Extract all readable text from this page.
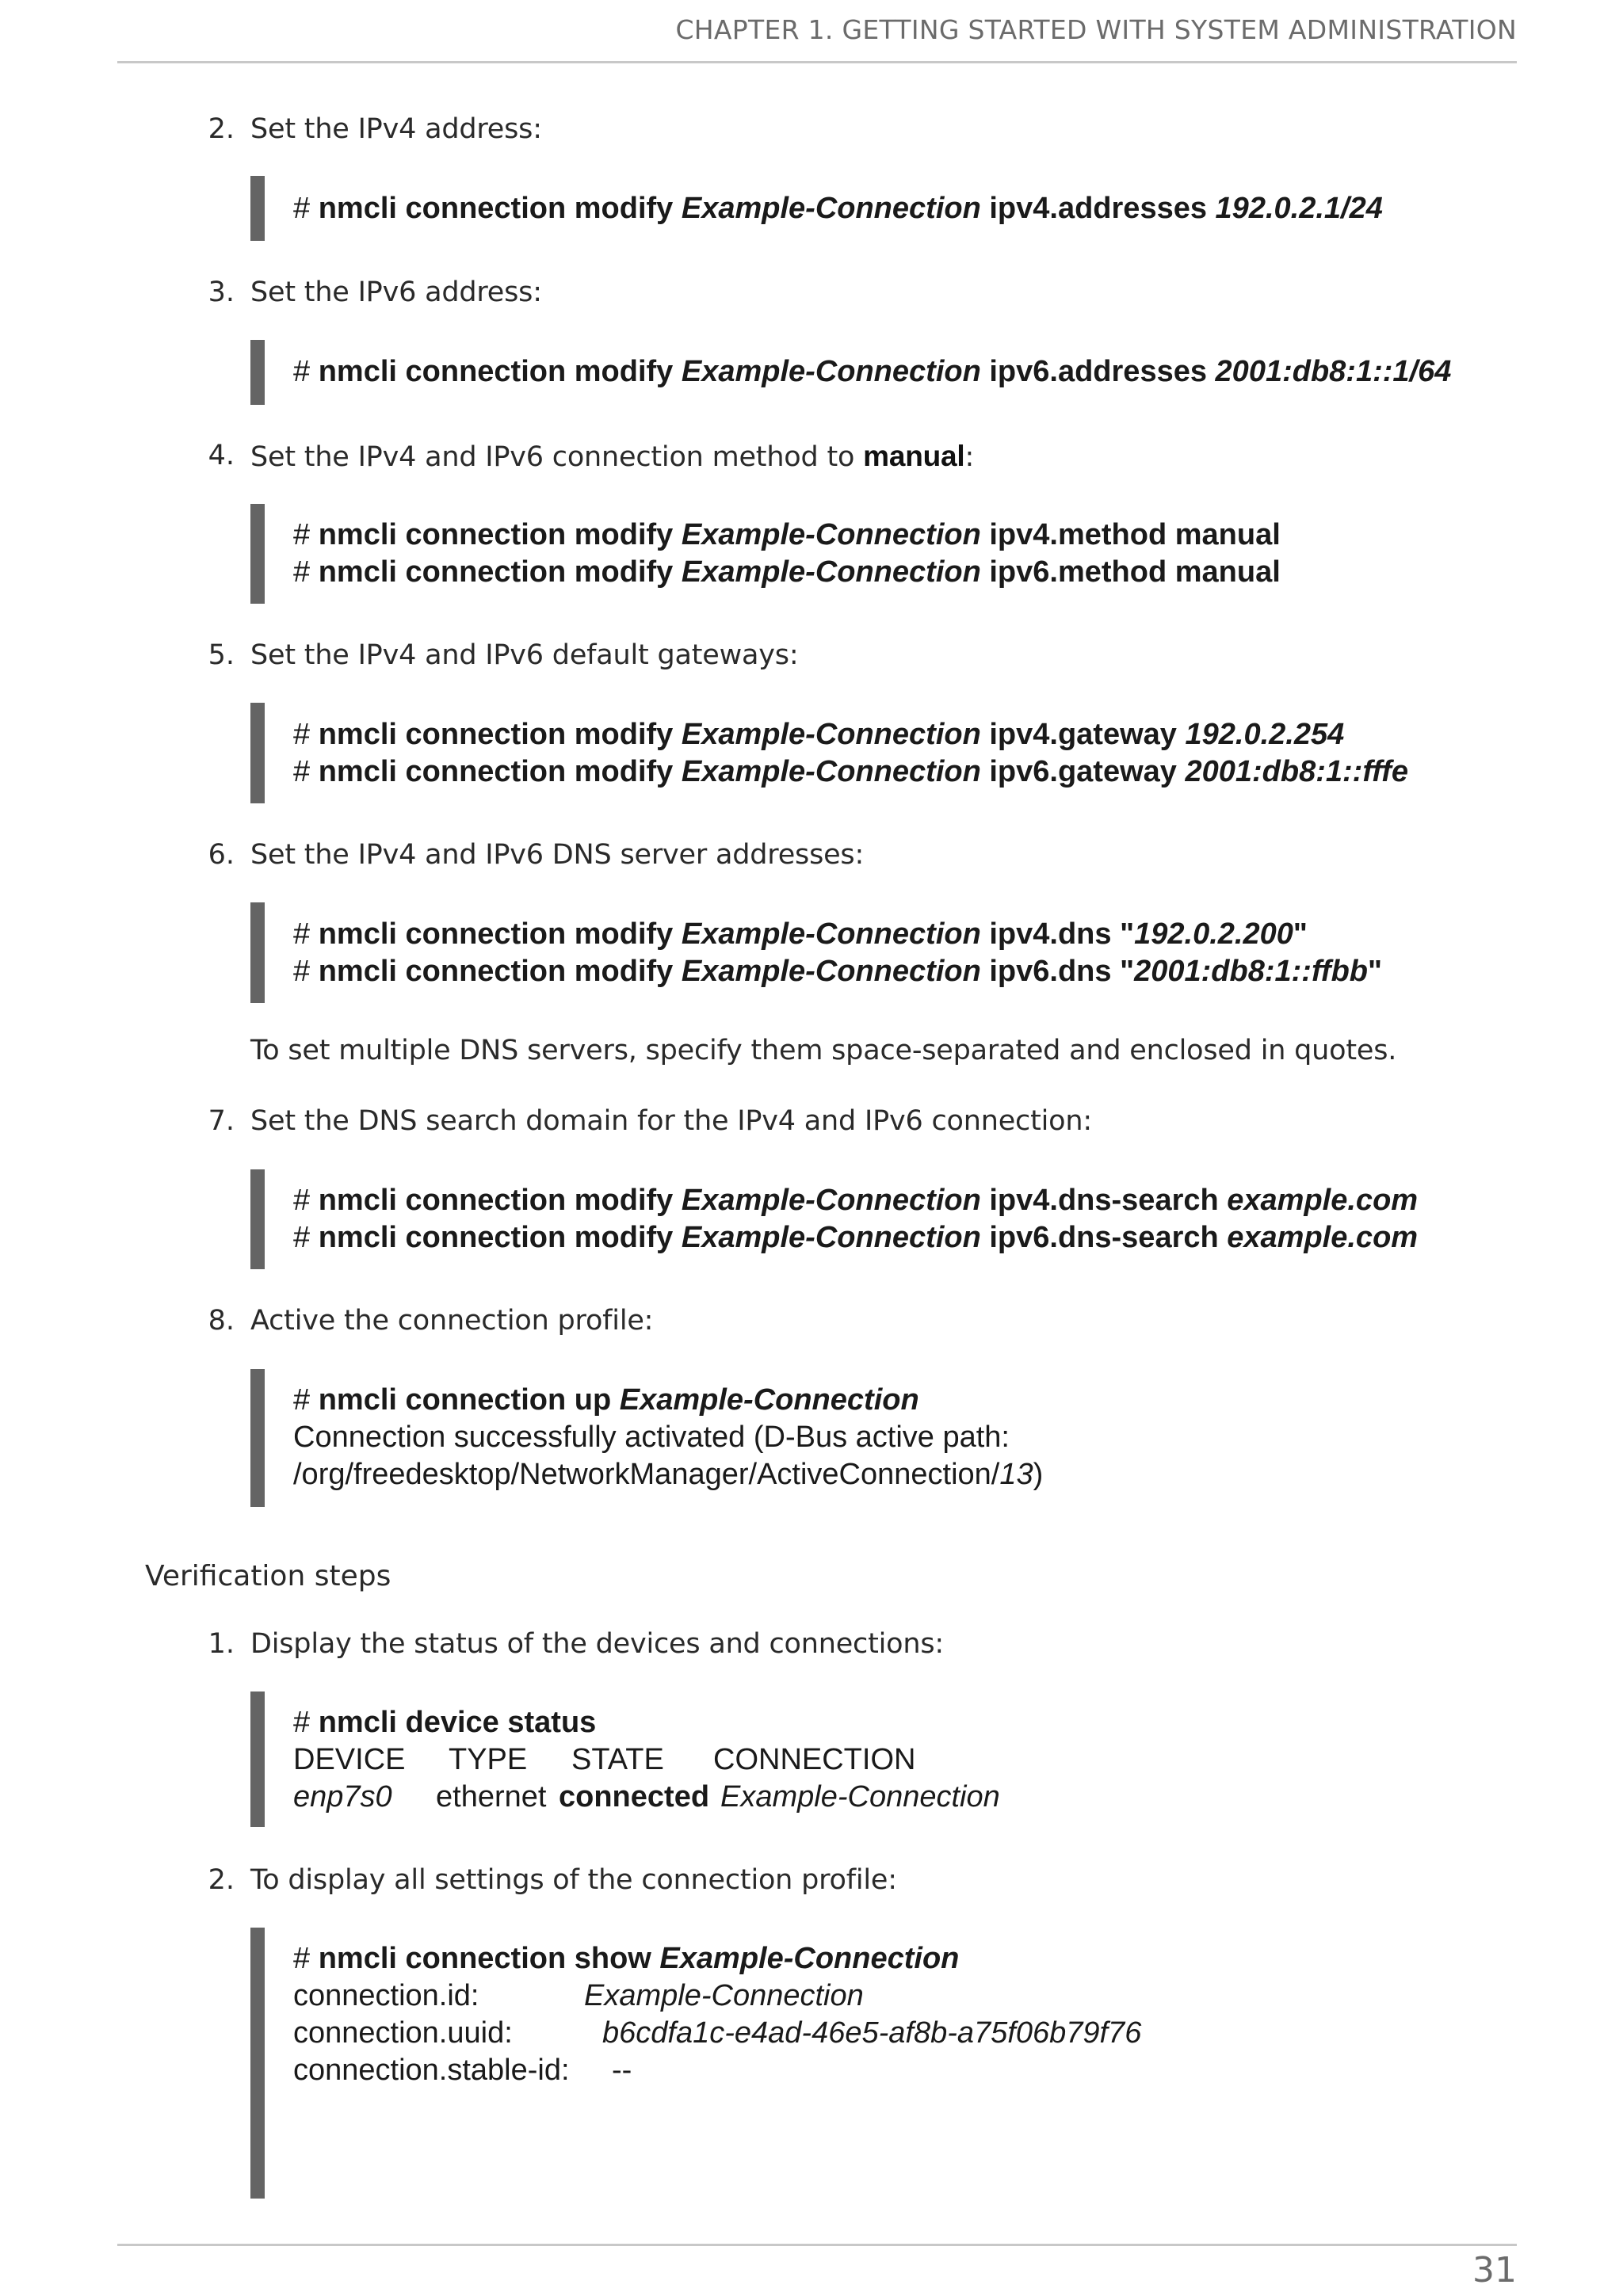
CHAPTER 1. GETTING STARTED WITH SYSTEM ADMINISTRATION
2. Set the IPv4 address:
# nmcli connection modify Example-Connection ipv4.addresses 192.0.2.1/24
3. Set the IPv6 address:
# nmcli connection modify Example-Connection ipv6.addresses 2001:db8:1::1/64
4. Set the IPv4 and IPv6 connection method to manual:
# nmcli connection modify Example-Connection ipv4.method manual
# nmcli connection modify Example-Connection ipv6.method manual
5. Set the IPv4 and IPv6 default gateways:
# nmcli connection modify Example-Connection ipv4.gateway 192.0.2.254
# nmcli connection modify Example-Connection ipv6.gateway 2001:db8:1::fffe
6. Set the IPv4 and IPv6 DNS server addresses:
# nmcli connection modify Example-Connection ipv4.dns "192.0.2.200"
# nmcli connection modify Example-Connection ipv6.dns "2001:db8:1::ffbb"
To set multiple DNS servers, specify them space-separated and enclosed in quotes.
7. Set the DNS search domain for the IPv4 and IPv6 connection:
# nmcli connection modify Example-Connection ipv4.dns-search example.com
# nmcli connection modify Example-Connection ipv6.dns-search example.com
8. Active the connection profile:
# nmcli connection up Example-Connection
Connection successfully activated (D-Bus active path:
/org/freedesktop/NetworkManager/ActiveConnection/13)
Verification steps
1. Display the status of the devices and connections:
# nmcli device status
DEVICE TYPE STATE CONNECTION
enp7s0 ethernet connected Example-Connection
2. To display all settings of the connection profile:
# nmcli connection show Example-Connection
connection.id:	Example-Connection
connection.uuid:	b6cdfa1c-e4ad-46e5-af8b-a75f06b79f76
connection.stable-id: --
31
